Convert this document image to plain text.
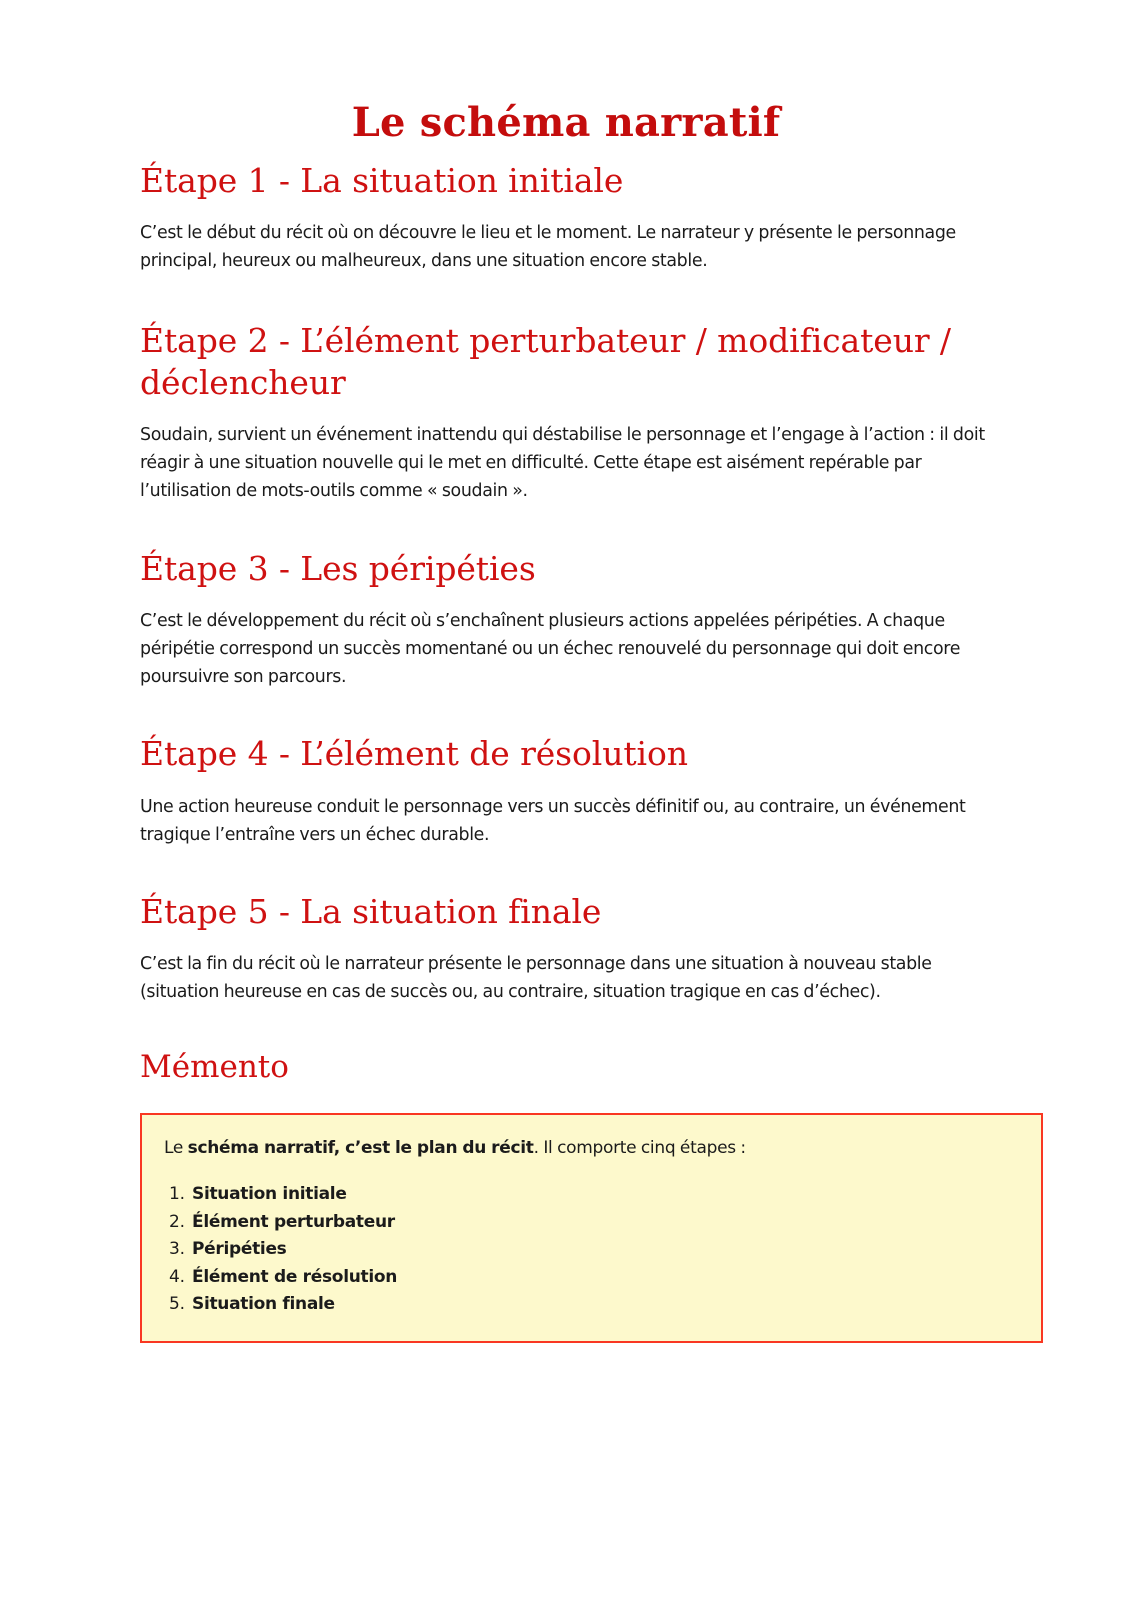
Le schéma narratif
Étape 1 - La situation initiale

C’est le début du récit où on découvre le lieu et le moment. Le narrateur y présente le personnage principal, heureux ou malheureux, dans une situation encore stable.

Étape 2 - L’élément perturbateur / modificateur / déclencheur

Soudain, survient un événement inattendu qui déstabilise le personnage et l’engage à l’action : il doit réagir à une situation nouvelle qui le met en difficulté. Cette étape est aisément repérable par l’utilisation de mots-outils comme « soudain ».

Étape 3 - Les péripéties

C’est le développement du récit où s’enchaînent plusieurs actions appelées péripéties. A chaque péripétie correspond un succès momentané ou un échec renouvelé du personnage qui doit encore poursuivre son parcours.

Étape 4 - L’élément de résolution

Une action heureuse conduit le personnage vers un succès définitif ou, au contraire, un événement tragique l’entraîne vers un échec durable.

Étape 5 - La situation finale

C’est la fin du récit où le narrateur présente le personnage dans une situation à nouveau stable (situation heureuse en cas de succès ou, au contraire, situation tragique en cas d’échec).

Mémento

Le schéma narratif, c’est le plan du récit. Il comporte cinq étapes :

1. Situation initiale
2. Élément perturbateur
3. Péripéties
4. Élément de résolution
5. Situation finale
